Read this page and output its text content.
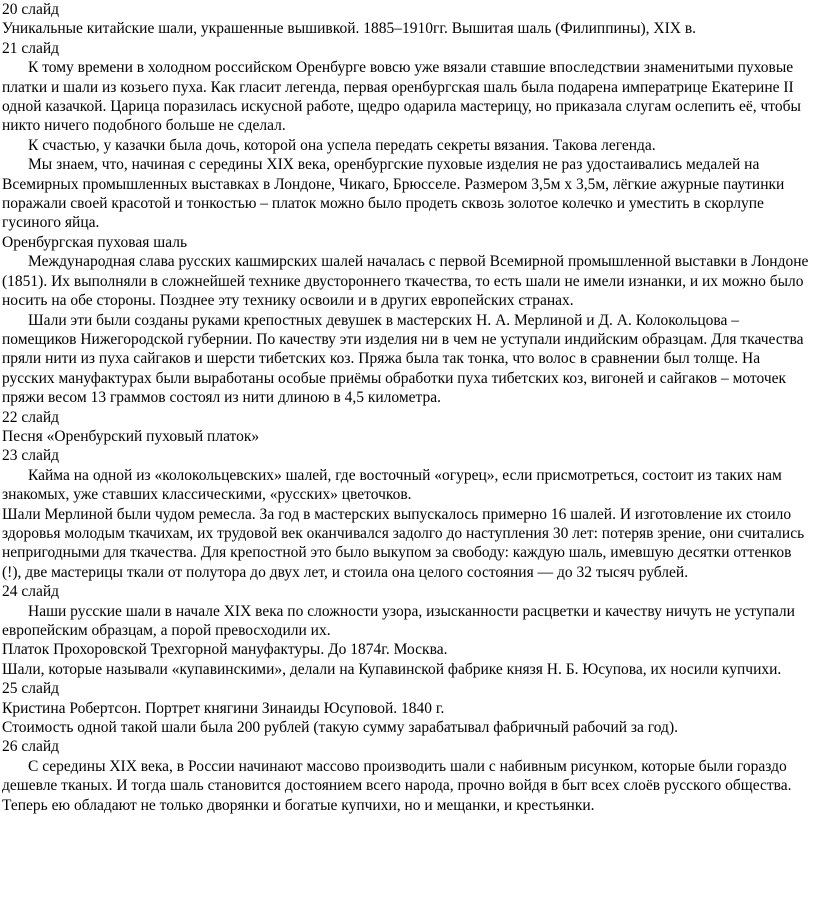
20 слайд

Уникальные китайские шали, украшенные вышивкой. 1885–1910гг. Вышитая шаль (Филиппины), XIX в.

21 слайд

К тому времени в холодном российском Оренбурге вовсю уже вязали ставшие впоследствии знаменитыми пуховые платки и шали из козьего пуха. Как гласит легенда, первая оренбургская шаль была подарена императрице Екатерине II одной казачкой. Царица поразилась искусной работе, щедро одарила мастерицу, но приказала слугам ослепить её, чтобы никто ничего подобного больше не сделал.

К счастью, у казачки была дочь, которой она успела передать секреты вязания. Такова легенда.

Мы знаем, что, начиная с середины XIX века, оренбургские пуховые изделия не раз удостаивались медалей на Всемирных промышленных выставках в Лондоне, Чикаго, Брюсселе. Размером 3,5м х 3,5м, лёгкие ажурные паутинки поражали своей красотой и тонкостью – платок можно было продеть сквозь золотое колечко и уместить в скорлупе гусиного яйца.

Оренбургская пуховая шаль

Международная слава русских кашмирских шалей началась с первой Всемирной промышленной выставки в Лондоне (1851). Их выполняли в сложнейшей технике двустороннего ткачества, то есть шали не имели изнанки, и их можно было носить на обе стороны. Позднее эту технику освоили и в других европейских странах.

Шали эти были созданы руками крепостных девушек в мастерских Н. А. Мерлиной и Д. А. Колокольцова – помещиков Нижегородской губернии. По качеству эти изделия ни в чем не уступали индийским образцам. Для ткачества пряли нити из пуха сайгаков и шерсти тибетских коз. Пряжа была так тонка, что волос в сравнении был толще. На русских мануфактурах были выработаны особые приёмы обработки пуха тибетских коз, вигоней и сайгаков – моточек пряжи весом 13 граммов состоял из нити длиною в 4,5 километра.

22 слайд

Песня «Оренбурский пуховый платок»

23 слайд

Кайма на одной из «колокольцевских» шалей, где восточный «огурец», если присмотреться, состоит из таких нам знакомых, уже ставших классическими, «русских» цветочков.

Шали Мерлиной были чудом ремесла. За год в мастерских выпускалось примерно 16 шалей. И изготовление их стоило здоровья молодым ткачихам, их трудовой век оканчивался задолго до наступления 30 лет: потеряв зрение, они считались непригодными для ткачества. Для крепостной это было выкупом за свободу: каждую шаль, имевшую десятки оттенков (!), две мастерицы ткали от полутора до двух лет, и стоила она целого состояния — до 32 тысяч рублей.

24 слайд

Наши русские шали в начале XIX века по сложности узора, изысканности расцветки и качеству ничуть не уступали европейским образцам, а порой превосходили их.

Платок Прохоровской Трехгорной мануфактуры. До 1874г. Москва.

Шали, которые называли «купавинскими», делали на Купавинской фабрике князя Н. Б. Юсупова, их носили купчихи.

25 слайд

Кристина Робертсон. Портрет княгини Зинаиды Юсуповой. 1840 г.

Стоимость одной такой шали была 200 рублей (такую сумму зарабатывал фабричный рабочий за год).

26 слайд

С середины XIX века, в России начинают массово производить шали с набивным рисунком, которые были гораздо дешевле тканых. И тогда шаль становится достоянием всего народа, прочно войдя в быт всех слоёв русского общества. Теперь ею обладают не только дворянки и богатые купчихи, но и мещанки, и крестьянки.
